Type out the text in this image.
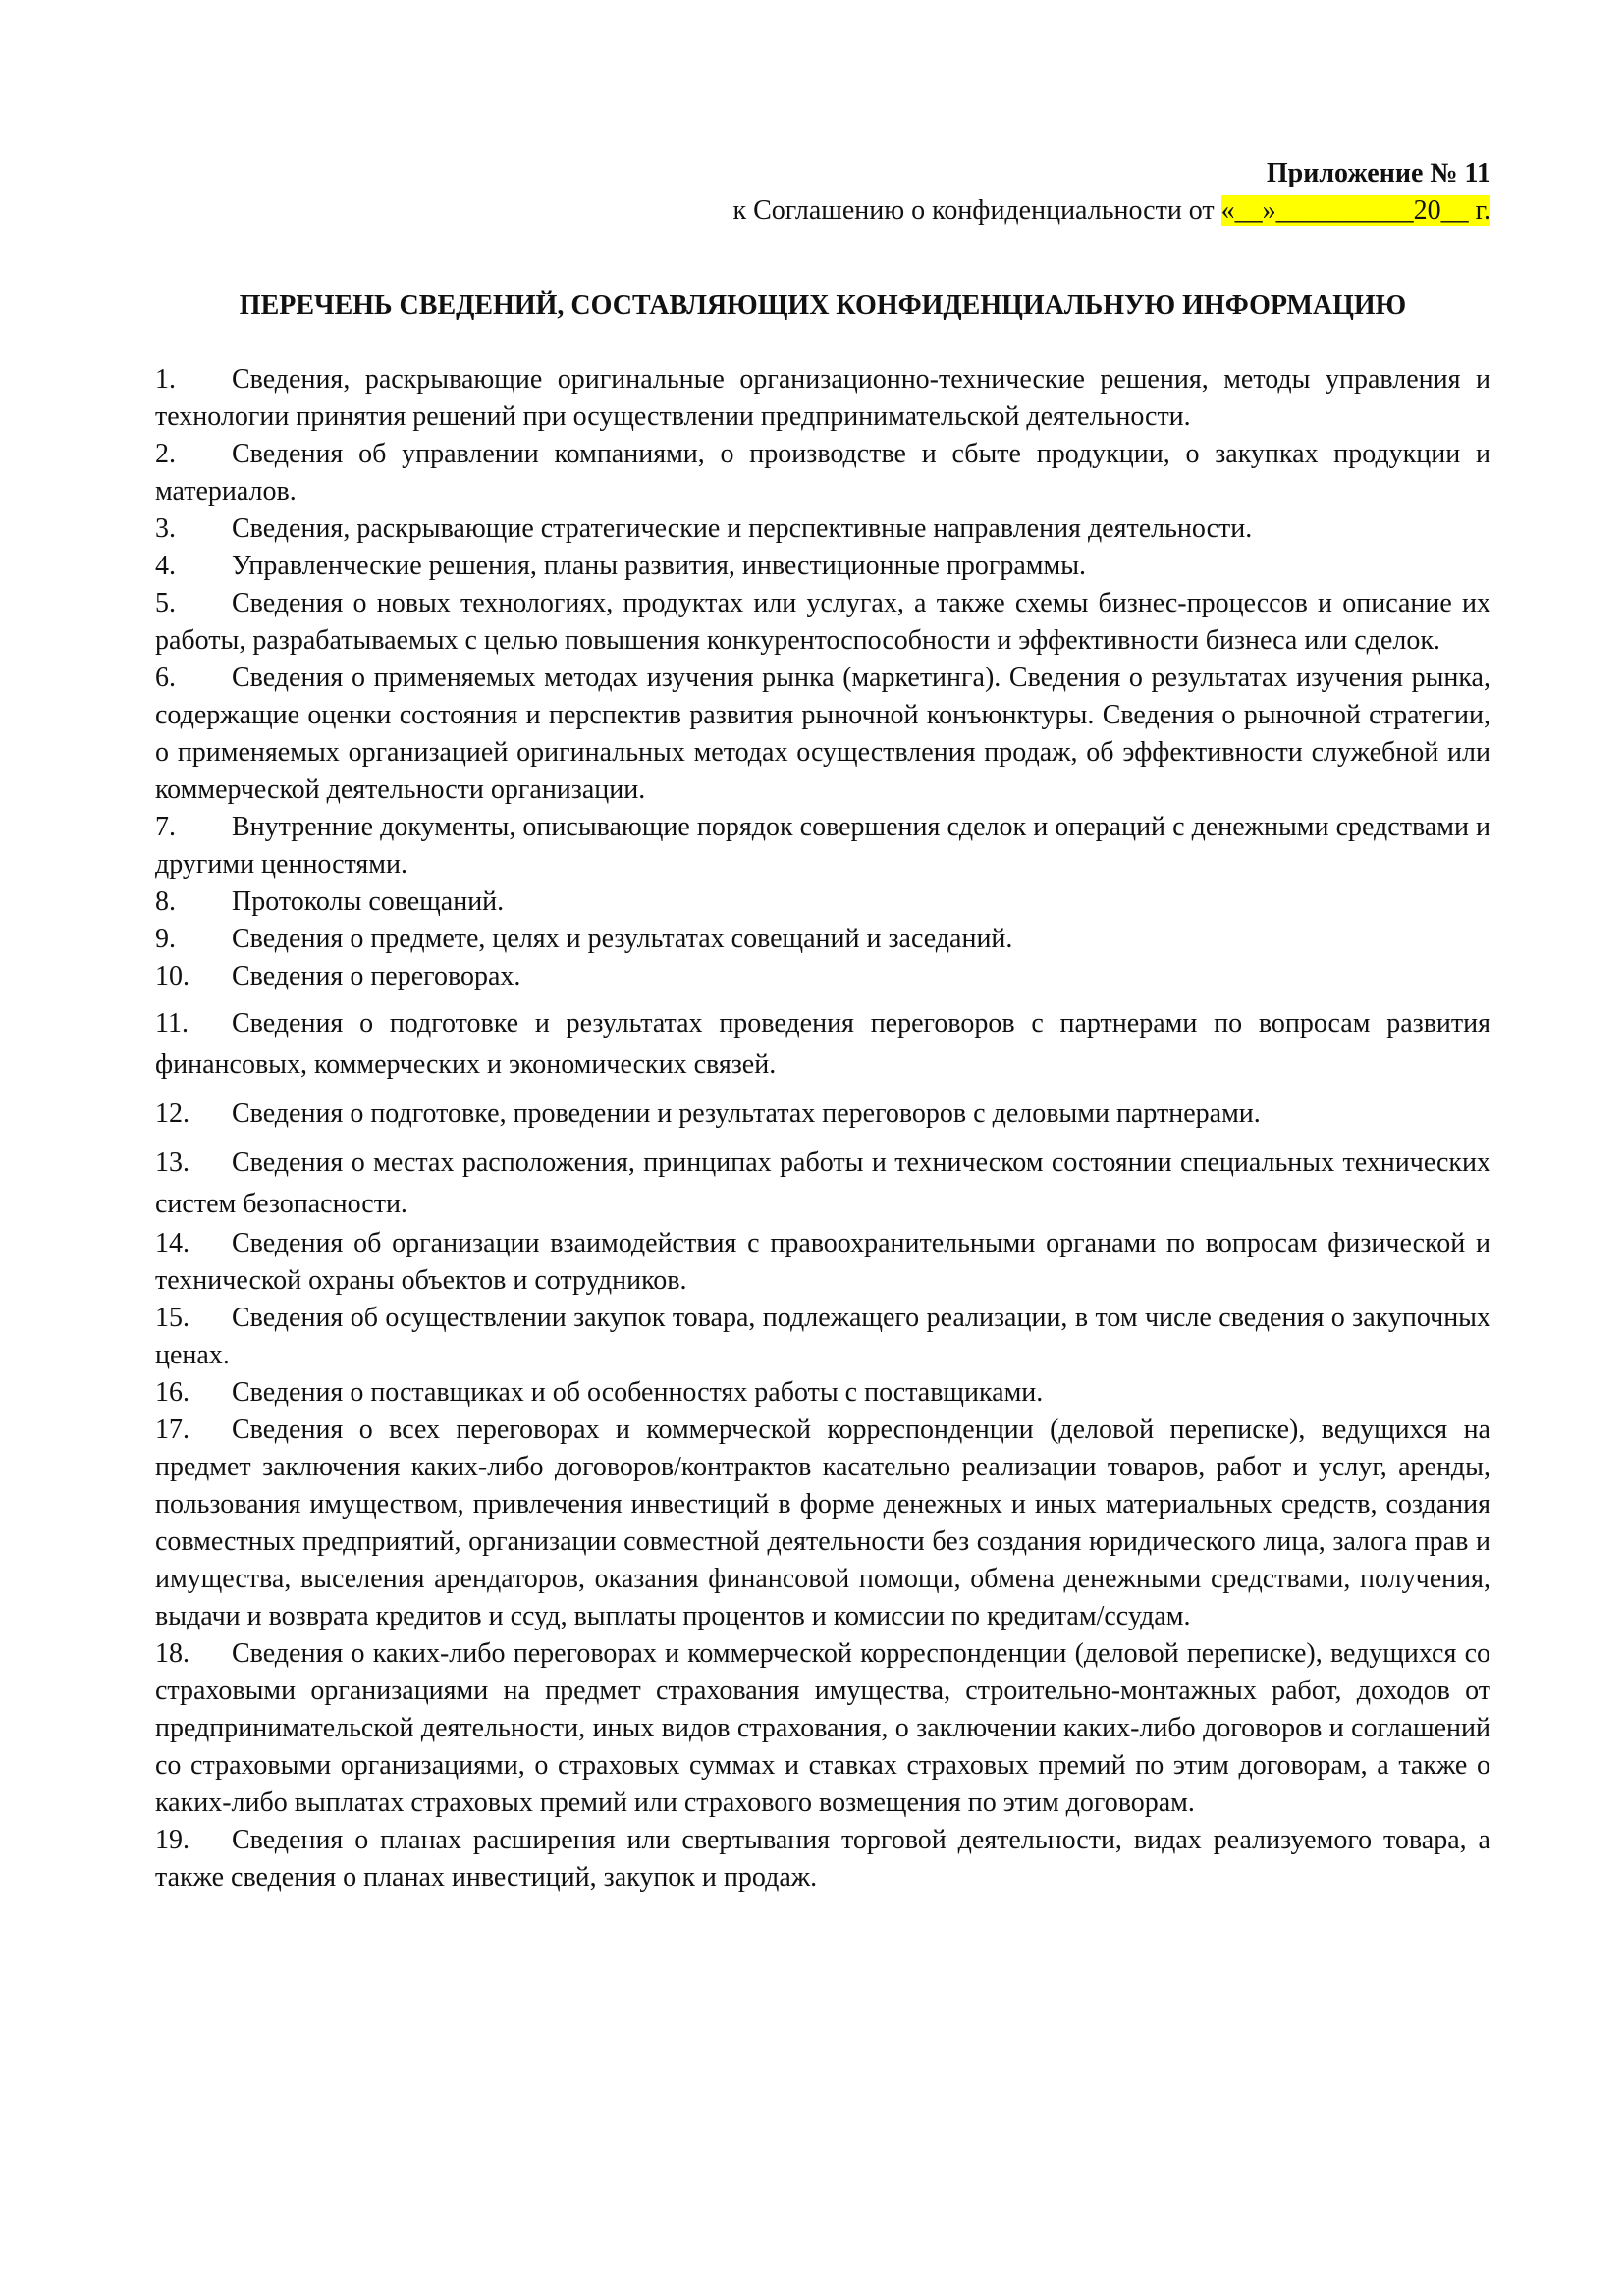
Приложение № 11
к Соглашению о конфиденциальности от «__»__________20__ г.
ПЕРЕЧЕНЬ СВЕДЕНИЙ, СОСТАВЛЯЮЩИХ КОНФИДЕНЦИАЛЬНУЮ ИНФОРМАЦИЮ
1. Сведения, раскрывающие оригинальные организационно-технические решения, методы управления и технологии принятия решений при осуществлении предпринимательской деятельности.
2. Сведения об управлении компаниями, о производстве и сбыте продукции, о закупках продукции и материалов.
3. Сведения, раскрывающие стратегические и перспективные направления деятельности.
4. Управленческие решения, планы развития, инвестиционные программы.
5. Сведения о новых технологиях, продуктах или услугах, а также схемы бизнес-процессов и описание их работы, разрабатываемых с целью повышения конкурентоспособности и эффективности бизнеса или сделок.
6. Сведения о применяемых методах изучения рынка (маркетинга). Сведения о результатах изучения рынка, содержащие оценки состояния и перспектив развития рыночной конъюнктуры. Сведения о рыночной стратегии, о применяемых организацией оригинальных методах осуществления продаж, об эффективности служебной или коммерческой деятельности организации.
7. Внутренние документы, описывающие порядок совершения сделок и операций с денежными средствами и другими ценностями.
8. Протоколы совещаний.
9. Сведения о предмете, целях и результатах совещаний и заседаний.
10. Сведения о переговорах.
11. Сведения о подготовке и результатах проведения переговоров с партнерами по вопросам развития финансовых, коммерческих и экономических связей.
12. Сведения о подготовке, проведении и результатах переговоров с деловыми партнерами.
13. Сведения о местах расположения, принципах работы и техническом состоянии специальных технических систем безопасности.
14. Сведения об организации взаимодействия с правоохранительными органами по вопросам физической и технической охраны объектов и сотрудников.
15. Сведения об осуществлении закупок товара, подлежащего реализации, в том числе сведения о закупочных ценах.
16. Сведения о поставщиках и об особенностях работы с поставщиками.
17. Сведения о всех переговорах и коммерческой корреспонденции (деловой переписке), ведущихся на предмет заключения каких-либо договоров/контрактов касательно реализации товаров, работ и услуг, аренды, пользования имуществом, привлечения инвестиций в форме денежных и иных материальных средств, создания совместных предприятий, организации совместной деятельности без создания юридического лица, залога прав и имущества, выселения арендаторов, оказания финансовой помощи, обмена денежными средствами, получения, выдачи и возврата кредитов и ссуд, выплаты процентов и комиссии по кредитам/ссудам.
18. Сведения о каких-либо переговорах и коммерческой корреспонденции (деловой переписке), ведущихся со страховыми организациями на предмет страхования имущества, строительно-монтажных работ, доходов от предпринимательской деятельности, иных видов страхования, о заключении каких-либо договоров и соглашений со страховыми организациями, о страховых суммах и ставках страховых премий по этим договорам, а также о каких-либо выплатах страховых премий или страхового возмещения по этим договорам.
19. Сведения о планах расширения или свертывания торговой деятельности, видах реализуемого товара, а также сведения о планах инвестиций, закупок и продаж.
